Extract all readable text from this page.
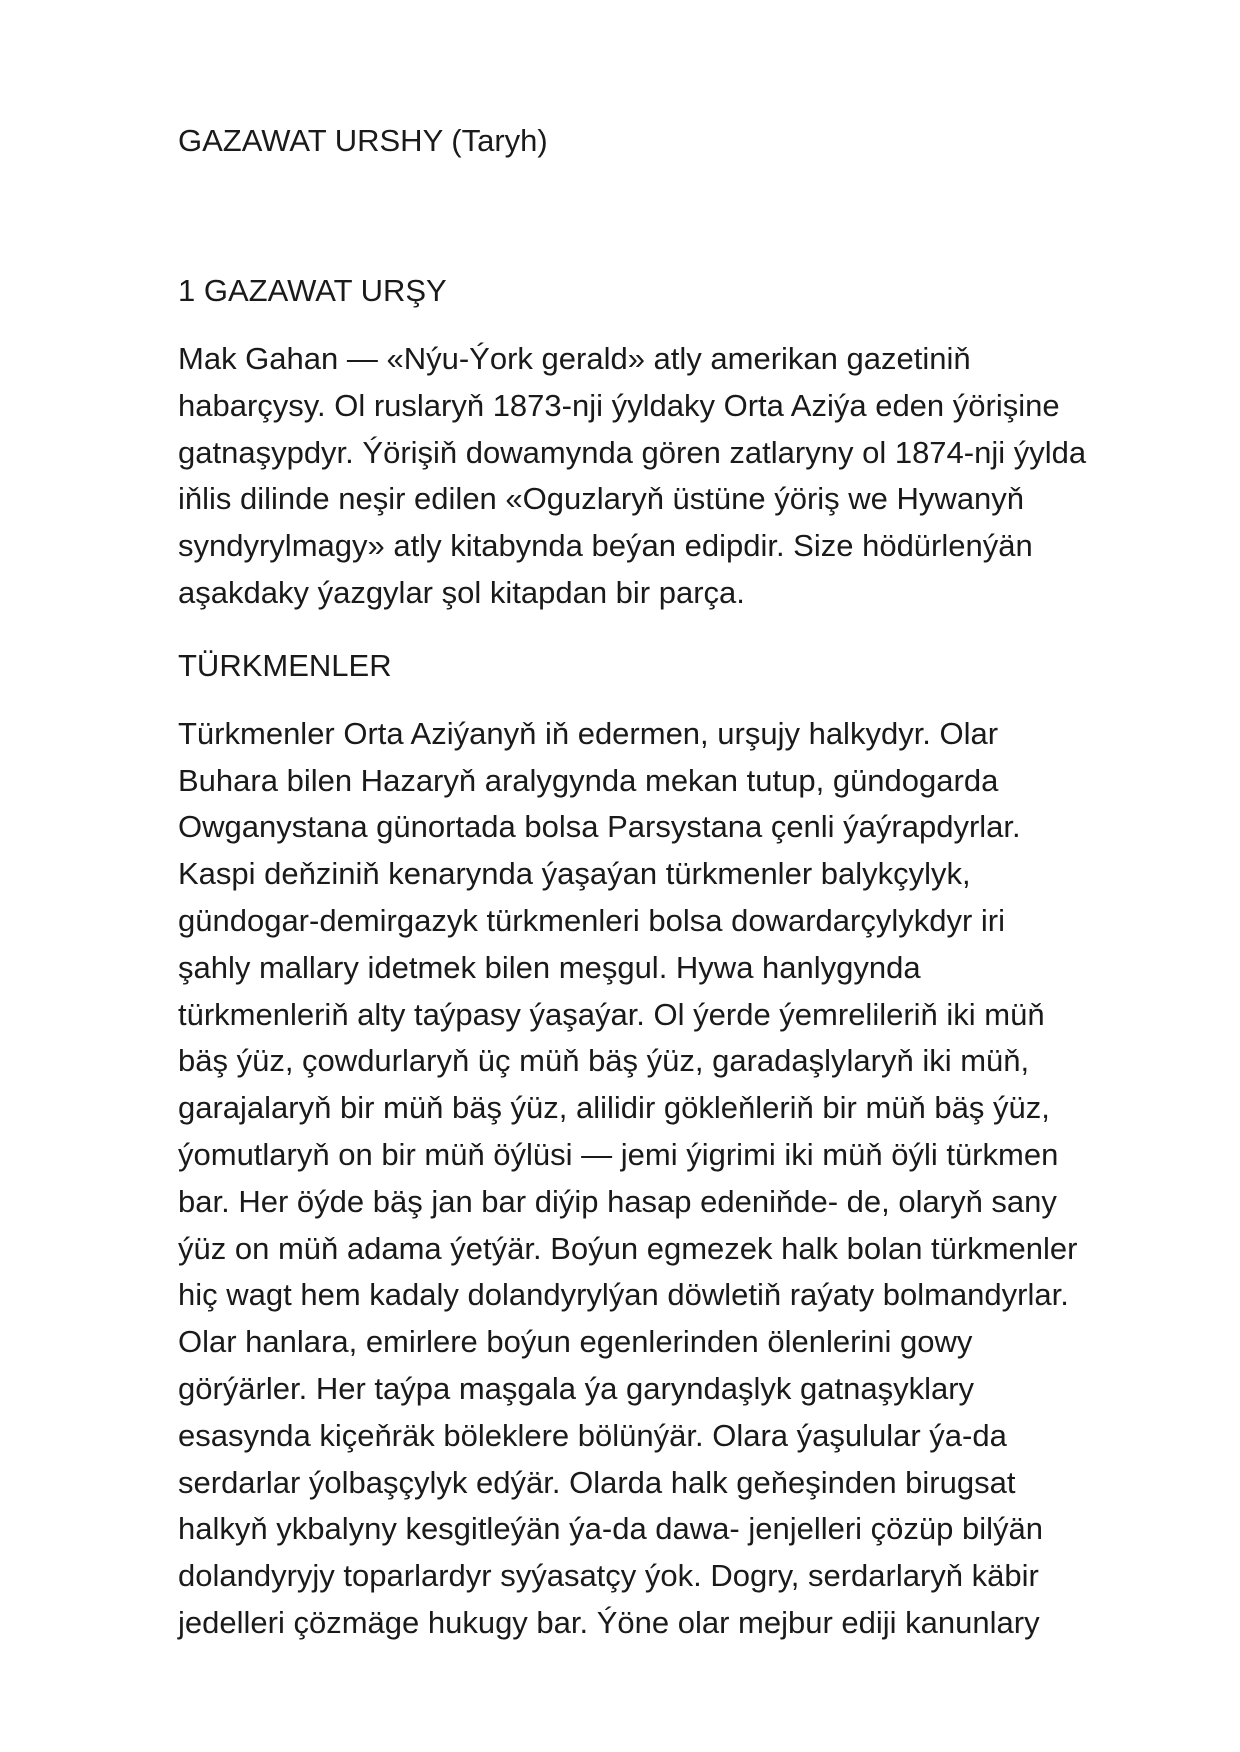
GAZAWAT URSHY (Taryh)
1 GAZAWAT URŞY

Mak Gahan — «Nýu-Ýork gerald» atly amerikan gazetiniň
habarçysy. Ol ruslaryň 1873-nji ýyldaky Orta Aziýa eden ýörişine
gatnaşypdyr. Ýörişiň dowamynda gören zatlaryny ol 1874-nji ýylda
iňlis dilinde neşir edilen «Oguzlaryň üstüne ýöriş we Hywanyň
syndyrylmagy» atly kitabynda beýan edipdir. Size hödürlenýän
aşakdaky ýazgylar şol kitapdan bir parça.

TÜRKMENLER

Türkmenler Orta Aziýanyň iň edermen, urşujy halkydyr. Olar
Buhara bilen Hazaryň aralygynda mekan tutup, gündogarda
Owganystana günortada bolsa Parsystana çenli ýaýrapdyrlar.
Kaspi deňziniň kenarynda ýaşaýan türkmenler balykçylyk,
gündogar-demirgazyk türkmenleri bolsa dowardarçylykdyr iri
şahly mallary idetmek bilen meşgul. Hywa hanlygynda
türkmenleriň alty taýpasy ýaşaýar. Ol ýerde ýemrelileriň iki müň
bäş ýüz, çowdurlaryň üç müň bäş ýüz, garadaşlylaryň iki müň,
garajalaryň bir müň bäş ýüz, alilidir gökleňleriň bir müň bäş ýüz,
ýomutlaryň on bir müň öýlüsi — jemi ýigrimi iki müň öýli türkmen
bar. Her öýde bäş jan bar diýip hasap edeniňde- de, olaryň sany
ýüz on müň adama ýetýär. Boýun egmezek halk bolan türkmenler
hiç wagt hem kadaly dolandyrylýan döwletiň raýaty bolmandyrlar.
Olar hanlara, emirlere boýun egenlerinden ölenlerini gowy
görýärler. Her taýpa maşgala ýa garyndaşlyk gatnaşyklary
esasynda kiçeňräk böleklere bölünýär. Olara ýaşulular ýa-da
serdarlar ýolbaşçylyk edýär. Olarda halk geňeşinden birugsat
halkyň ykbalyny kesgitleýän ýa-da dawa- jenjelleri çözüp bilýän
dolandyryjy toparlardyr syýasatçy ýok. Dogry, serdarlaryň käbir
jedelleri çözmäge hukugy bar. Ýöne olar mejbur ediji kanunlary
